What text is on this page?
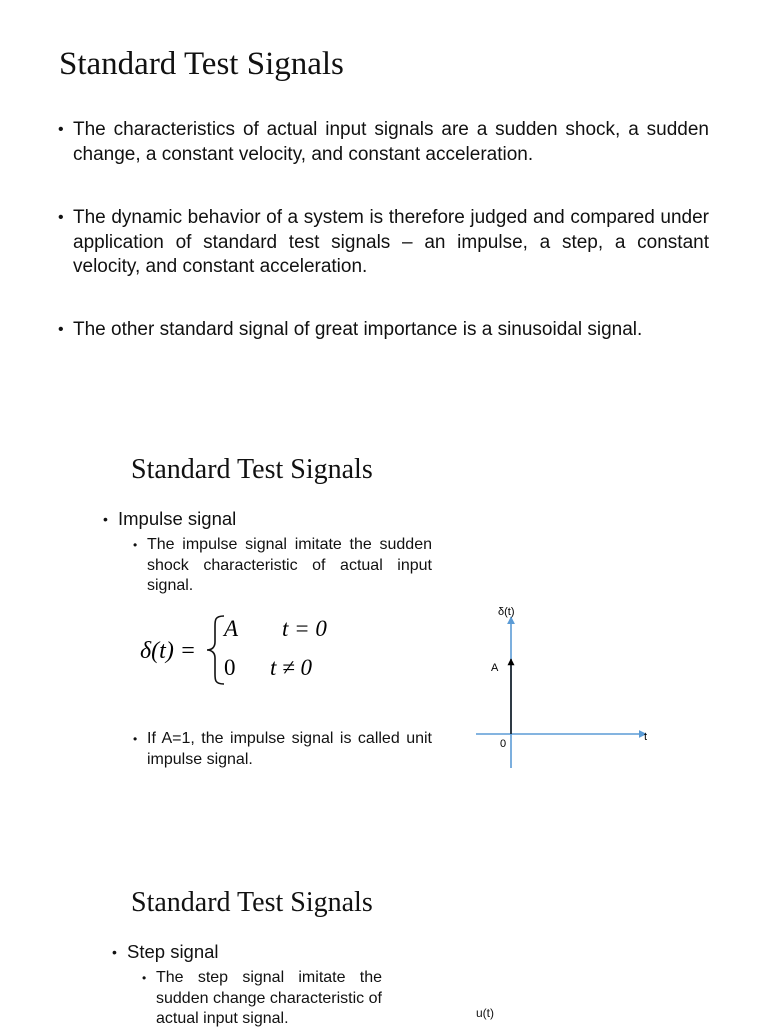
Standard Test Signals
• The characteristics of actual input signals are a sudden shock, a sudden change, a constant velocity, and constant acceleration.
• The dynamic behavior of a system is therefore judged and compared under application of standard test signals – an impulse, a step, a constant velocity, and constant acceleration.
• The other standard signal of great importance is a sinusoidal signal.
Standard Test Signals
• Impulse signal
• The impulse signal imitate the sudden shock characteristic of actual input signal.
δ(t) =
A t = 0
0 t ≠ 0
• If A=1, the impulse signal is called unit impulse signal.
δ(t)
A
0
t
Standard Test Signals
• Step signal
• The step signal imitate the sudden change characteristic of actual input signal.	u(t)
